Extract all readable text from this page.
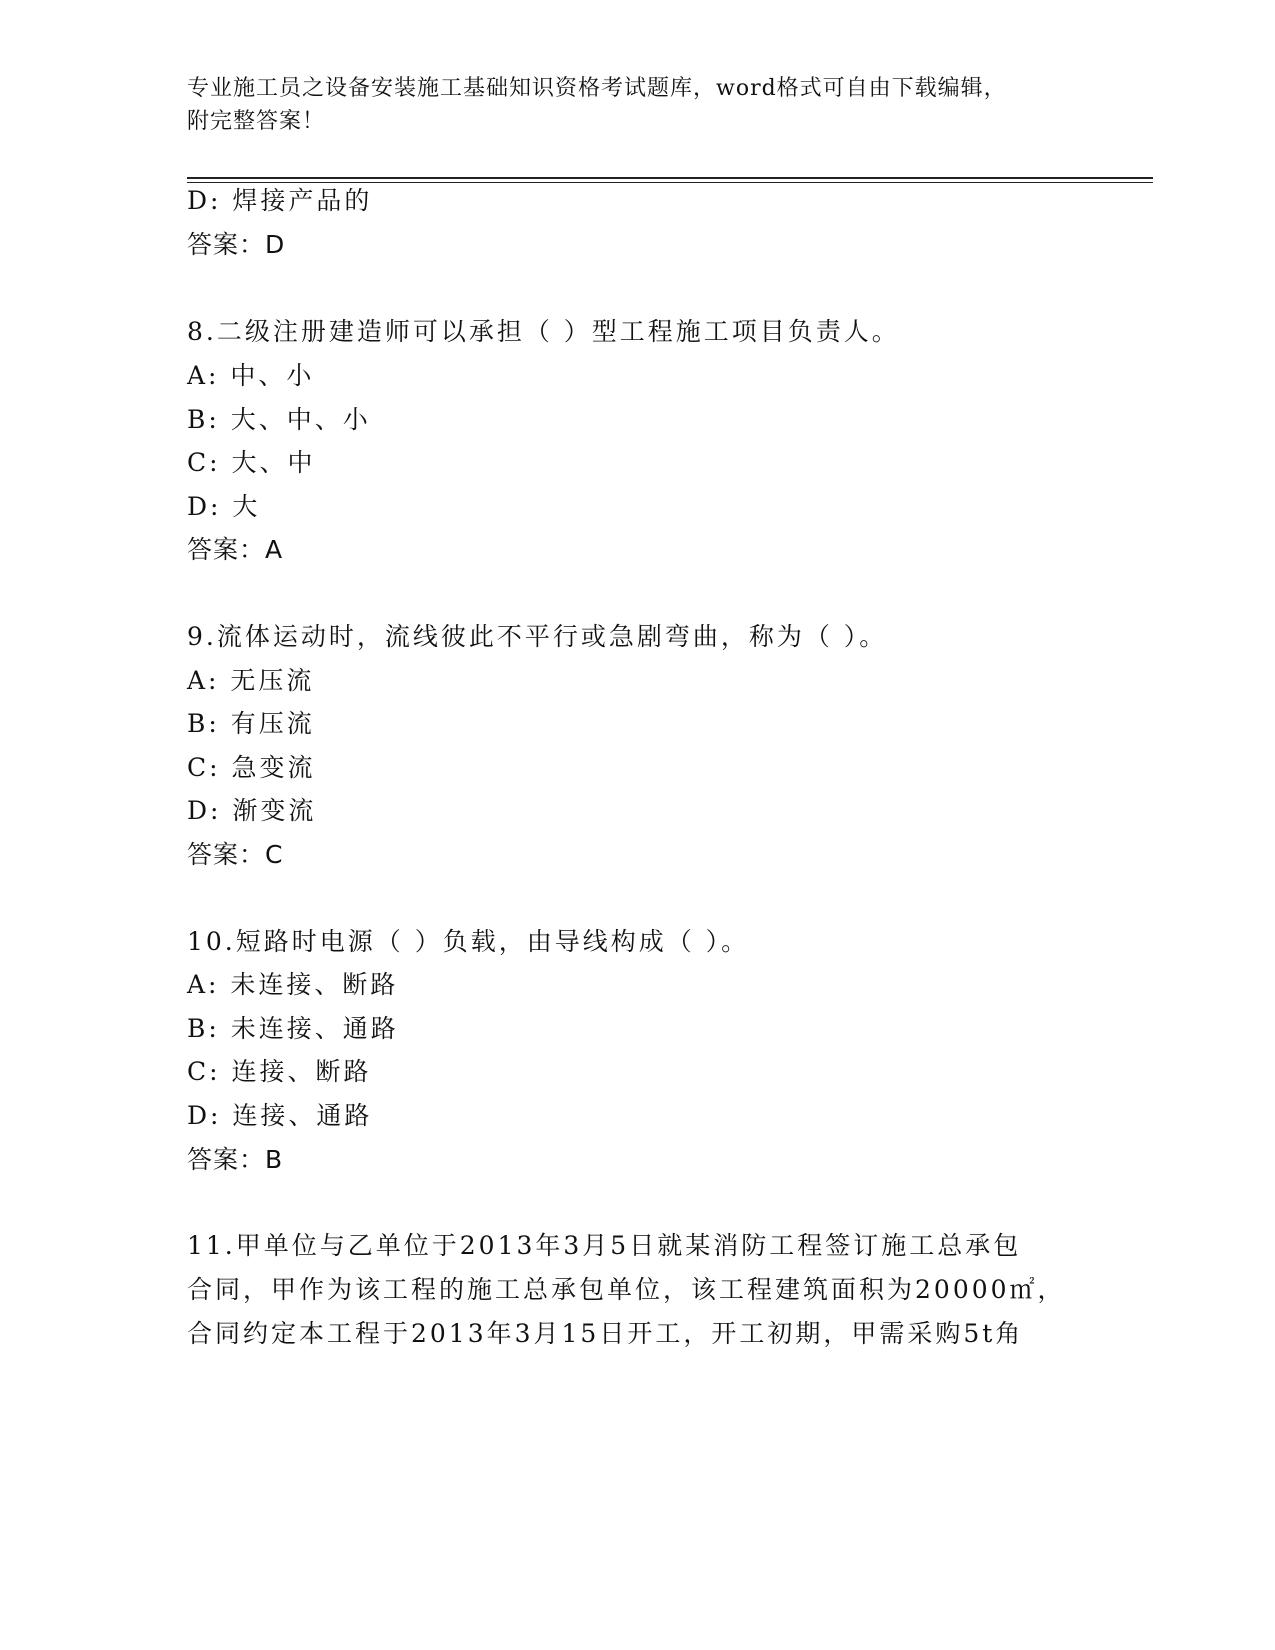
专业施工员之设备安装施工基础知识资格考试题库，word格式可自由下载编辑，
附完整答案！
D: 焊接产品的
答案：D
8.二级注册建造师可以承担（ ）型工程施工项目负责人。
A: 中、小
B: 大、中、小
C: 大、中
D: 大
答案：A
9.流体运动时，流线彼此不平行或急剧弯曲，称为（ ）。
A: 无压流
B: 有压流
C: 急变流
D: 渐变流
答案：C
10.短路时电源（ ）负载，由导线构成（ ）。
A: 未连接、断路
B: 未连接、通路
C: 连接、断路
D: 连接、通路
答案：B
11.甲单位与乙单位于2013年3月5日就某消防工程签订施工总承包
合同，甲作为该工程的施工总承包单位，该工程建筑面积为20000㎡，
合同约定本工程于2013年3月15日开工，开工初期，甲需采购5t角
